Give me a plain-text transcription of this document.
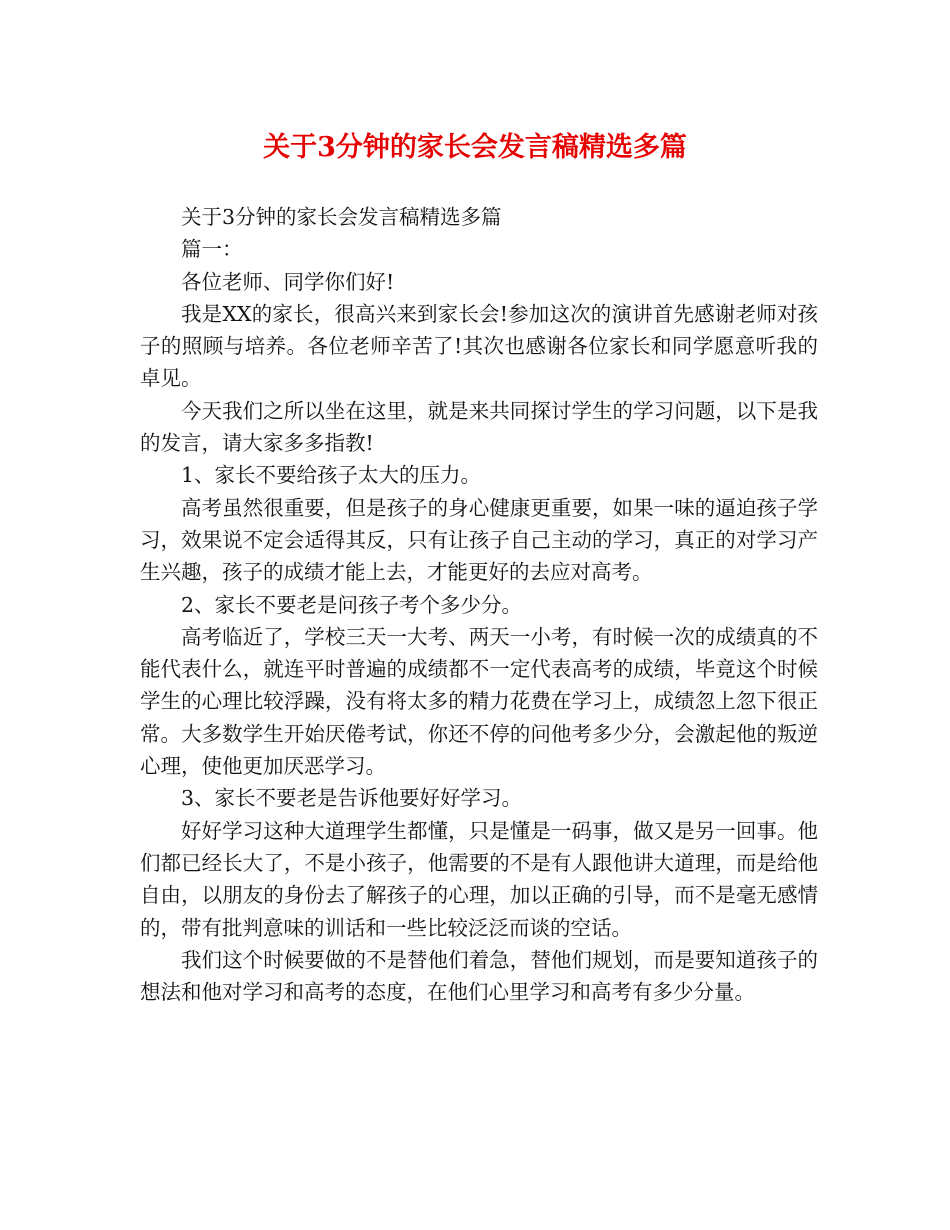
关于3分钟的家长会发言稿精选多篇

关于3分钟的家长会发言稿精选多篇

篇一：

各位老师、同学你们好!

我是XX的家长，很高兴来到家长会!参加这次的演讲首先感谢老师对孩子的照顾与培养。各位老师辛苦了!其次也感谢各位家长和同学愿意听我的卓见。

今天我们之所以坐在这里，就是来共同探讨学生的学习问题，以下是我的发言，请大家多多指教!

1、家长不要给孩子太大的压力。

高考虽然很重要，但是孩子的身心健康更重要，如果一味的逼迫孩子学习，效果说不定会适得其反，只有让孩子自己主动的学习，真正的对学习产生兴趣，孩子的成绩才能上去，才能更好的去应对高考。

2、家长不要老是问孩子考个多少分。

高考临近了，学校三天一大考、两天一小考，有时候一次的成绩真的不能代表什么，就连平时普遍的成绩都不一定代表高考的成绩，毕竟这个时候学生的心理比较浮躁，没有将太多的精力花费在学习上，成绩忽上忽下很正常。大多数学生开始厌倦考试，你还不停的问他考多少分，会激起他的叛逆心理，使他更加厌恶学习。

3、家长不要老是告诉他要好好学习。

好好学习这种大道理学生都懂，只是懂是一码事，做又是另一回事。他们都已经长大了，不是小孩子，他需要的不是有人跟他讲大道理，而是给他自由，以朋友的身份去了解孩子的心理，加以正确的引导，而不是毫无感情的，带有批判意味的训话和一些比较泛泛而谈的空话。

我们这个时候要做的不是替他们着急，替他们规划，而是要知道孩子的想法和他对学习和高考的态度，在他们心里学习和高考有多少分量。
